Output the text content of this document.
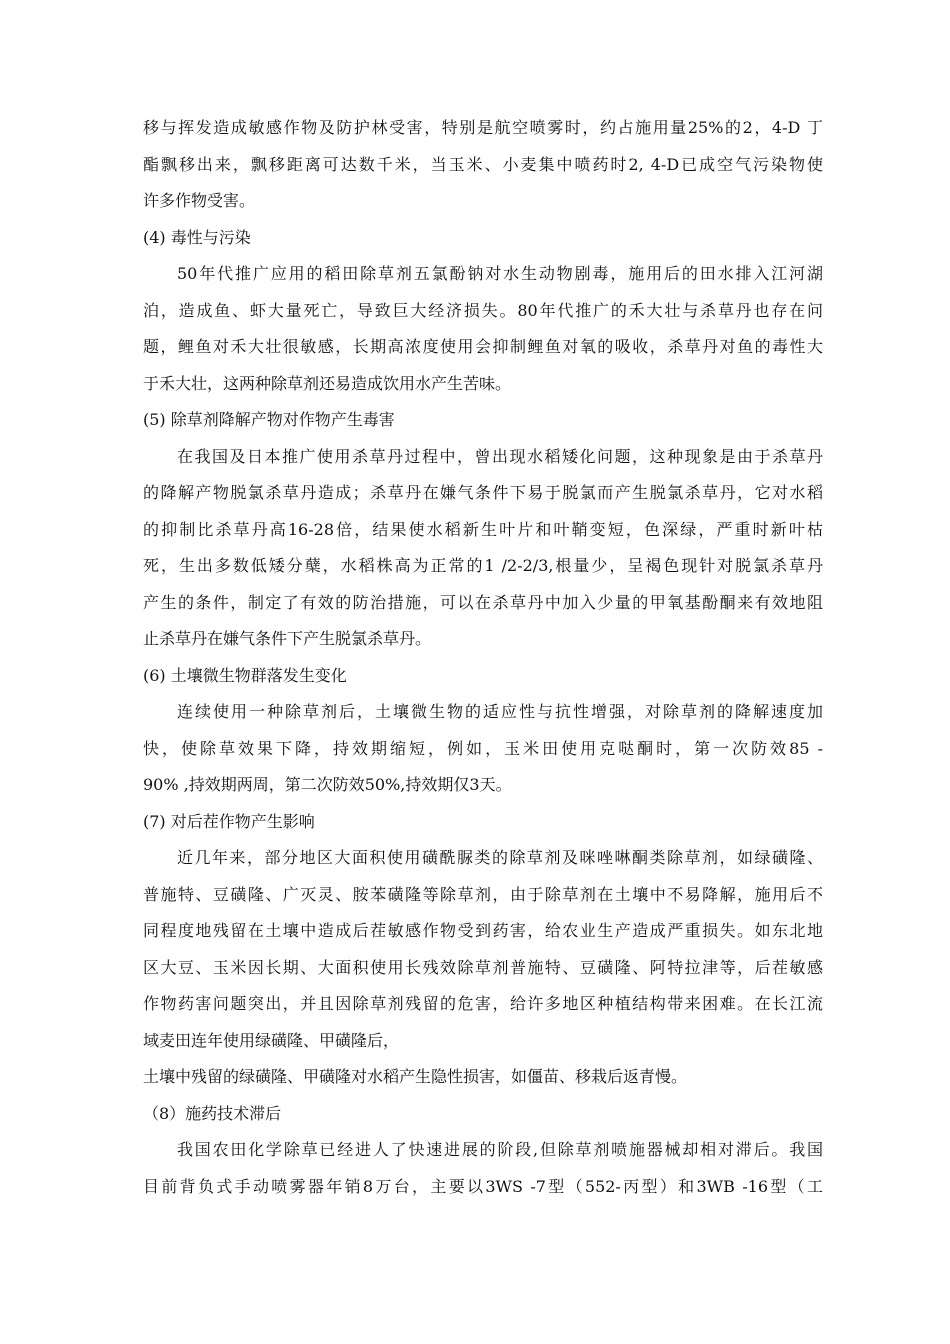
移与挥发造成敏感作物及防护林受害，特别是航空喷雾时，约占施用量25%的2，4-D 丁
酯飘移出来，飘移距离可达数千米，当玉米、小麦集中喷药时2, 4-D已成空气污染物使
许多作物受害。
(4) 毒性与污染
50年代推广应用的稻田除草剂五氯酚钠对水生动物剧毒，施用后的田水排入江河湖
泊，造成鱼、虾大量死亡，导致巨大经济损失。80年代推广的禾大壮与杀草丹也存在问
题，鲤鱼对禾大壮很敏感，长期高浓度使用会抑制鲤鱼对氧的吸收，杀草丹对鱼的毒性大
于禾大壮，这两种除草剂还易造成饮用水产生苦味。
(5) 除草剂降解产物对作物产生毒害
在我国及日本推广使用杀草丹过程中，曾出现水稻矮化问题，这种现象是由于杀草丹
的降解产物脱氯杀草丹造成；杀草丹在嫌气条件下易于脱氯而产生脱氯杀草丹，它对水稻
的抑制比杀草丹高16-28倍，结果使水稻新生叶片和叶鞘变短，色深绿，严重时新叶枯
死，生出多数低矮分蘖，水稻株高为正常的1 /2-2/3,根量少，呈褐色现针对脱氯杀草丹
产生的条件，制定了有效的防治措施，可以在杀草丹中加入少量的甲氧基酚酮来有效地阻
止杀草丹在嫌气条件下产生脱氯杀草丹。
(6) 土壤微生物群落发生变化
连续使用一种除草剂后，土壤微生物的适应性与抗性增强，对除草剂的降解速度加
快，使除草效果下降，持效期缩短，例如，玉米田使用克哒酮时，第一次防效85 -
90% ,持效期两周，第二次防效50%,持效期仅3天。
(7) 对后茬作物产生影响
近几年来，部分地区大面积使用磺酰脲类的除草剂及咪唑啉酮类除草剂，如绿磺隆、
普施特、豆磺隆、广灭灵、胺苯磺隆等除草剂，由于除草剂在土壤中不易降解，施用后不
同程度地残留在土壤中造成后茬敏感作物受到药害，给农业生产造成严重损失。如东北地
区大豆、玉米因长期、大面积使用长残效除草剂普施特、豆磺隆、阿特拉津等，后茬敏感
作物药害问题突出，并且因除草剂残留的危害，给许多地区种植结构带来困难。在长江流
域麦田连年使用绿磺隆、甲磺隆后，
土壤中残留的绿磺隆、甲磺隆对水稻产生隐性损害，如僵苗、移栽后返青慢。
（8）施药技术滞后
我国农田化学除草已经进人了快速进展的阶段,但除草剂喷施器械却相对滞后。我国
目前背负式手动喷雾器年销8万台，主要以3WS -7型（552-丙型）和3WB -16型（工
